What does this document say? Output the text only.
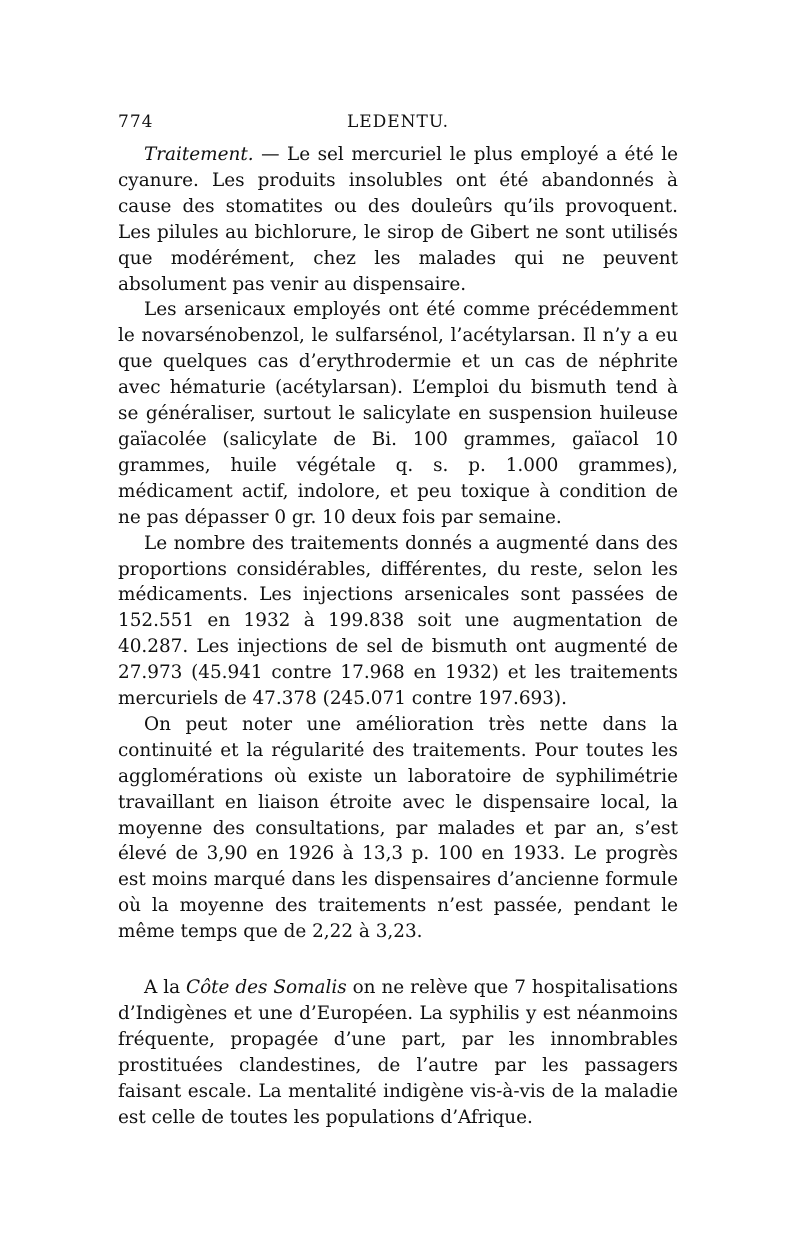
774	LEDENTU.

Traitement. — Le sel mercuriel le plus employé a été le cyanure. Les produits insolubles ont été abandonnés à cause des stomatites ou des douleûrs qu’ils provoquent. Les pilules au bichlorure, le sirop de Gibert ne sont utilisés que modérément, chez les malades qui ne peuvent absolument pas venir au dispensaire.

Les arsenicaux employés ont été comme précédemment le novarsénobenzol, le sulfarsénol, l’acétylarsan. Il n’y a eu que quelques cas d’erythrodermie et un cas de néphrite avec hématurie (acétylarsan). L’emploi du bismuth tend à se généraliser, surtout le salicylate en suspension huileuse gaïacolée (salicylate de Bi. 100 grammes, gaïacol 10 grammes, huile végétale q. s. p. 1.000 grammes), médicament actif, indolore, et peu toxique à condition de ne pas dépasser 0 gr. 10 deux fois par semaine.

Le nombre des traitements donnés a augmenté dans des proportions considérables, différentes, du reste, selon les médicaments. Les injections arsenicales sont passées de 152.551 en 1932 à 199.838 soit une augmentation de 40.287. Les injections de sel de bismuth ont augmenté de 27.973 (45.941 contre 17.968 en 1932) et les traitements mercuriels de 47.378 (245.071 contre 197.693).

On peut noter une amélioration très nette dans la continuité et la régularité des traitements. Pour toutes les agglomérations où existe un laboratoire de syphilimétrie travaillant en liaison étroite avec le dispensaire local, la moyenne des consultations, par malades et par an, s’est élevé de 3,90 en 1926 à 13,3 p. 100 en 1933. Le progrès est moins marqué dans les dispensaires d’ancienne formule où la moyenne des traitements n’est passée, pendant le même temps que de 2,22 à 3,23.

A la Côte des Somalis on ne relève que 7 hospitalisations d’Indigènes et une d’Européen. La syphilis y est néanmoins fréquente, propagée d’une part, par les innombrables prostituées clandestines, de l’autre par les passagers faisant escale. La mentalité indigène vis-à-vis de la maladie est celle de toutes les populations d’Afrique.
